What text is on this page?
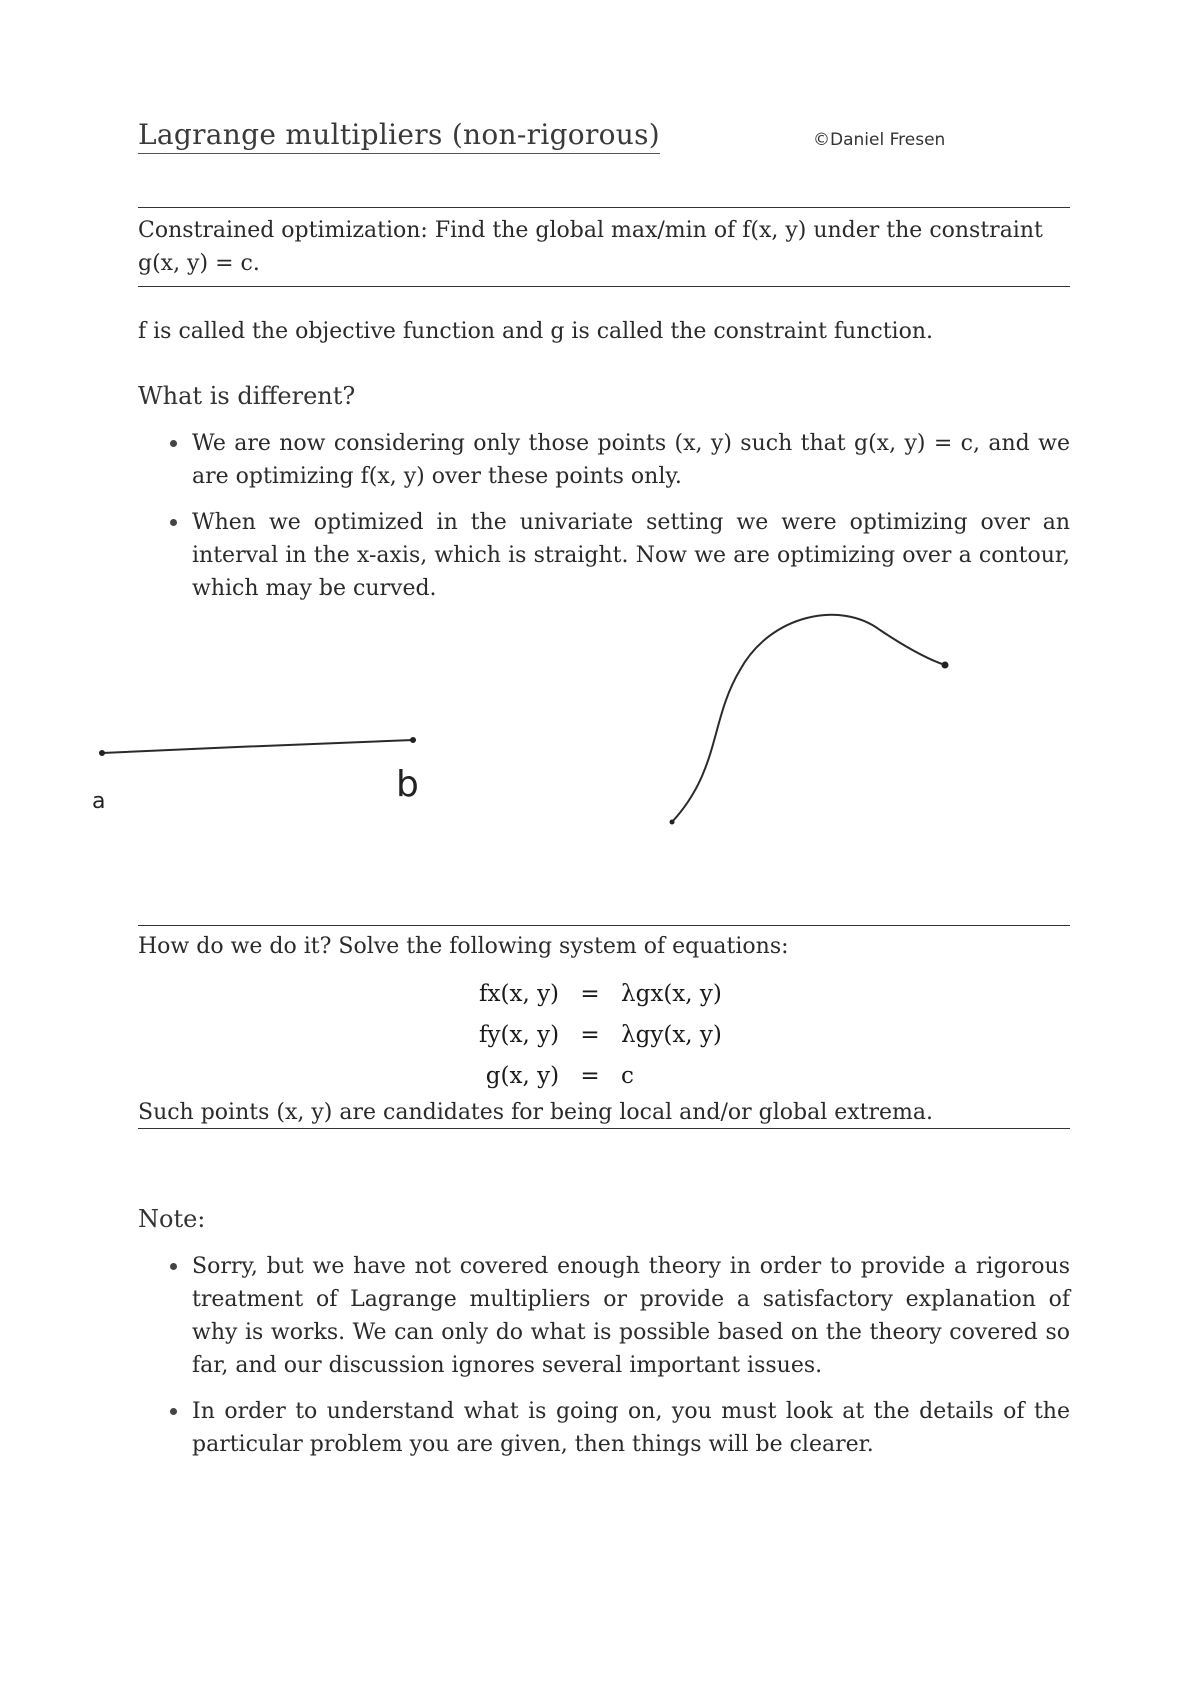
Lagrange multipliers (non-rigorous)	©Daniel Fresen
Constrained optimization: Find the global max/min of f(x, y) under the constraint g(x, y) = c.
f is called the objective function and g is called the constraint function.
What is different?
We are now considering only those points (x, y) such that g(x, y) = c, and we are optimizing f(x, y) over these points only.
When we optimized in the univariate setting we were optimizing over an interval in the x-axis, which is straight. Now we are optimizing over a contour, which may be curved.
a	b
How do we do it? Solve the following system of equations:
fx(x, y)	=	λgx(x, y)
fy(x, y)	=	λgy(x, y)
g(x, y)	=	c
Such points (x, y) are candidates for being local and/or global extrema.
Note:
Sorry, but we have not covered enough theory in order to provide a rigorous treatment of Lagrange multipliers or provide a satisfactory explanation of why is works. We can only do what is possible based on the theory covered so far, and our discussion ignores several important issues.
In order to understand what is going on, you must look at the details of the particular problem you are given, then things will be clearer.
